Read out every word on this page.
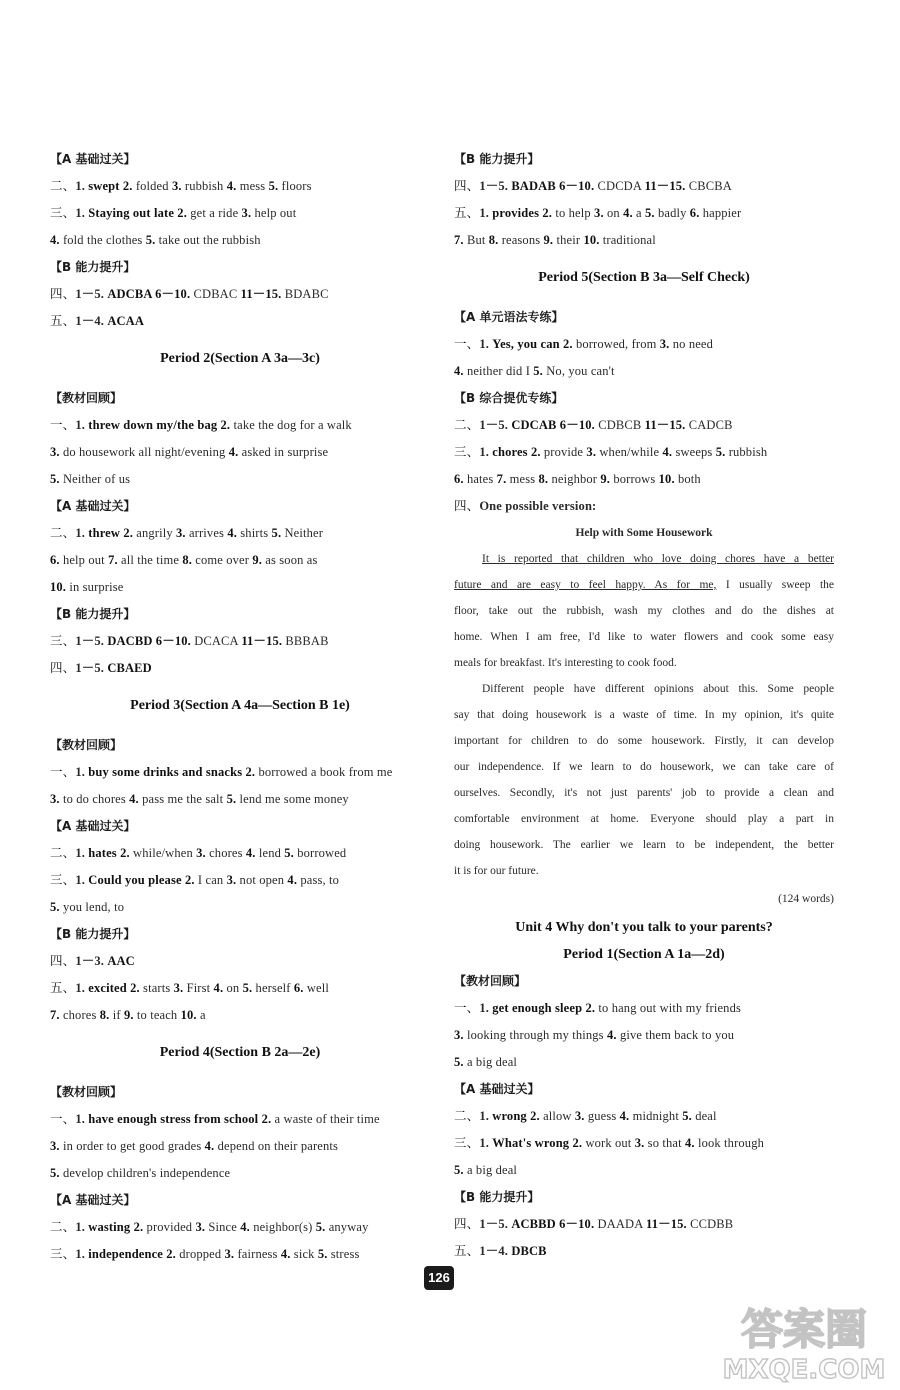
【A 基础过关】
二、1. swept 2. folded 3. rubbish 4. mess 5. floors
三、1. Staying out late 2. get a ride 3. help out
4. fold the clothes 5. take out the rubbish
【B 能力提升】
四、1－5. ADCBA 6－10. CDBAC 11－15. BDABC
五、1－4. ACAA
Period 2(Section A 3a—3c)
【教材回顾】
一、1. threw down my/the bag 2. take the dog for a walk
3. do housework all night/evening 4. asked in surprise
5. Neither of us
【A 基础过关】
二、1. threw 2. angrily 3. arrives 4. shirts 5. Neither
6. help out 7. all the time 8. come over 9. as soon as
10. in surprise
【B 能力提升】
三、1－5. DACBD 6－10. DCACA 11－15. BBBAB
四、1－5. CBAED
Period 3(Section A 4a—Section B 1e)
【教材回顾】
一、1. buy some drinks and snacks 2. borrowed a book from me
3. to do chores 4. pass me the salt 5. lend me some money
【A 基础过关】
二、1. hates 2. while/when 3. chores 4. lend 5. borrowed
三、1. Could you please 2. I can 3. not open 4. pass, to
5. you lend, to
【B 能力提升】
四、1－3. AAC
五、1. excited 2. starts 3. First 4. on 5. herself 6. well
7. chores 8. if 9. to teach 10. a
Period 4(Section B 2a—2e)
【教材回顾】
一、1. have enough stress from school 2. a waste of their time
3. in order to get good grades 4. depend on their parents
5. develop children's independence
【A 基础过关】
二、1. wasting 2. provided 3. Since 4. neighbor(s) 5. anyway
三、1. independence 2. dropped 3. fairness 4. sick 5. stress
【B 能力提升】
四、1－5. BADAB 6－10. CDCDA 11－15. CBCBA
五、1. provides 2. to help 3. on 4. a 5. badly 6. happier
7. But 8. reasons 9. their 10. traditional
Period 5(Section B 3a—Self Check)
【A 单元语法专练】
一、1. Yes, you can 2. borrowed, from 3. no need
4. neither did I 5. No, you can't
【B 综合提优专练】
二、1－5. CDCAB 6－10. CDBCB 11－15. CADCB
三、1. chores 2. provide 3. when/while 4. sweeps 5. rubbish
6. hates 7. mess 8. neighbor 9. borrows 10. both
四、One possible version:
Help with Some Housework
It is reported that children who love doing chores have a better
future and are easy to feel happy. As for me, I usually sweep the
floor, take out the rubbish, wash my clothes and do the dishes at
home. When I am free, I'd like to water flowers and cook some easy
meals for breakfast. It's interesting to cook food.
Different people have different opinions about this. Some people
say that doing housework is a waste of time. In my opinion, it's quite
important for children to do some housework. Firstly, it can develop
our independence. If we learn to do housework, we can take care of
ourselves. Secondly, it's not just parents' job to provide a clean and
comfortable environment at home. Everyone should play a part in
doing housework. The earlier we learn to be independent, the better
it is for our future.
(124 words)
Unit 4 Why don't you talk to your parents?
Period 1(Section A 1a—2d)
【教材回顾】
一、1. get enough sleep 2. to hang out with my friends
3. looking through my things 4. give them back to you
5. a big deal
【A 基础过关】
二、1. wrong 2. allow 3. guess 4. midnight 5. deal
三、1. What's wrong 2. work out 3. so that 4. look through
5. a big deal
【B 能力提升】
四、1－5. ACBBD 6－10. DAADA 11－15. CCDBB
五、1－4. DBCB
126
答案圈
MXQE.COM
